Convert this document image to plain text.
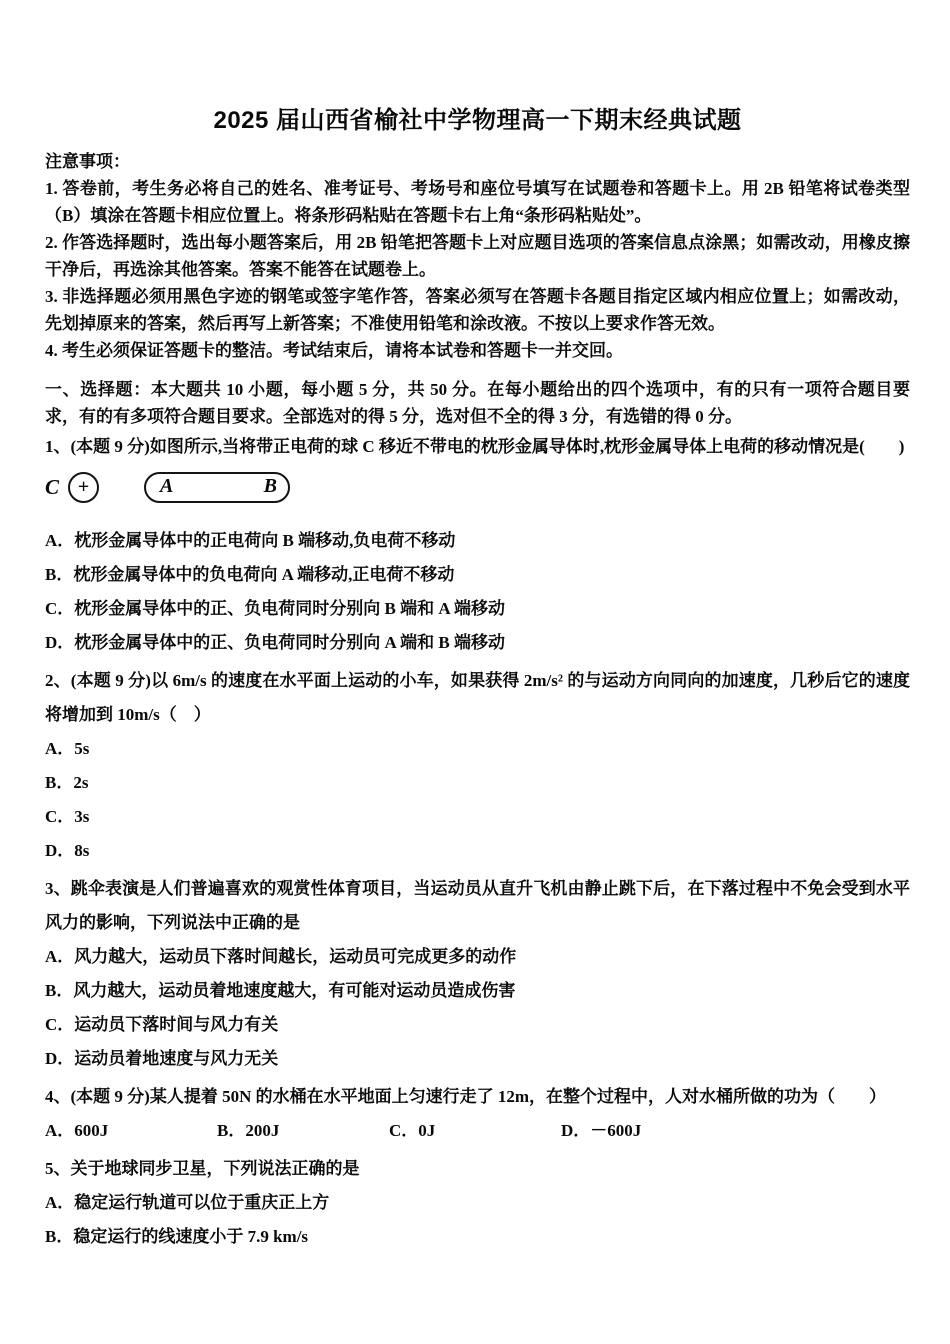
2025 届山西省榆社中学物理高一下期末经典试题

注意事项：

1. 答卷前，考生务必将自己的姓名、准考证号、考场号和座位号填写在试题卷和答题卡上。用 2B 铅笔将试卷类型（B）填涂在答题卡相应位置上。将条形码粘贴在答题卡右上角“条形码粘贴处”。

2. 作答选择题时，选出每小题答案后，用 2B 铅笔把答题卡上对应题目选项的答案信息点涂黑；如需改动，用橡皮擦干净后，再选涂其他答案。答案不能答在试题卷上。

3. 非选择题必须用黑色字迹的钢笔或签字笔作答，答案必须写在答题卡各题目指定区域内相应位置上；如需改动，先划掉原来的答案，然后再写上新答案；不准使用铅笔和涂改液。不按以上要求作答无效。

4. 考生必须保证答题卡的整洁。考试结束后，请将本试卷和答题卡一并交回。

一、选择题：本大题共 10 小题，每小题 5 分，共 50 分。在每小题给出的四个选项中，有的只有一项符合题目要求，有的有多项符合题目要求。全部选对的得 5 分，选对但不全的得 3 分，有选错的得 0 分。

1、(本题 9 分)如图所示,当将带正电荷的球 C 移近不带电的枕形金属导体时,枕形金属导体上电荷的移动情况是(　　)

C +	A	B

A．枕形金属导体中的正电荷向 B 端移动,负电荷不移动

B．枕形金属导体中的负电荷向 A 端移动,正电荷不移动

C．枕形金属导体中的正、负电荷同时分别向 B 端和 A 端移动

D．枕形金属导体中的正、负电荷同时分别向 A 端和 B 端移动

2、(本题 9 分)以 6m/s 的速度在水平面上运动的小车，如果获得 2m/s² 的与运动方向同向的加速度，几秒后它的速度将增加到 10m/s（　）

A．5s

B．2s

C．3s

D．8s

3、跳伞表演是人们普遍喜欢的观赏性体育项目，当运动员从直升飞机由静止跳下后，在下落过程中不免会受到水平风力的影响，下列说法中正确的是

A．风力越大，运动员下落时间越长，运动员可完成更多的动作

B．风力越大，运动员着地速度越大，有可能对运动员造成伤害

C．运动员下落时间与风力有关

D．运动员着地速度与风力无关

4、(本题 9 分)某人提着 50N 的水桶在水平地面上匀速行走了 12m，在整个过程中，人对水桶所做的功为（　　）

A．600J	B．200J	C．0J	D．－600J

5、关于地球同步卫星，下列说法正确的是

A．稳定运行轨道可以位于重庆正上方

B．稳定运行的线速度小于 7.9 km/s
